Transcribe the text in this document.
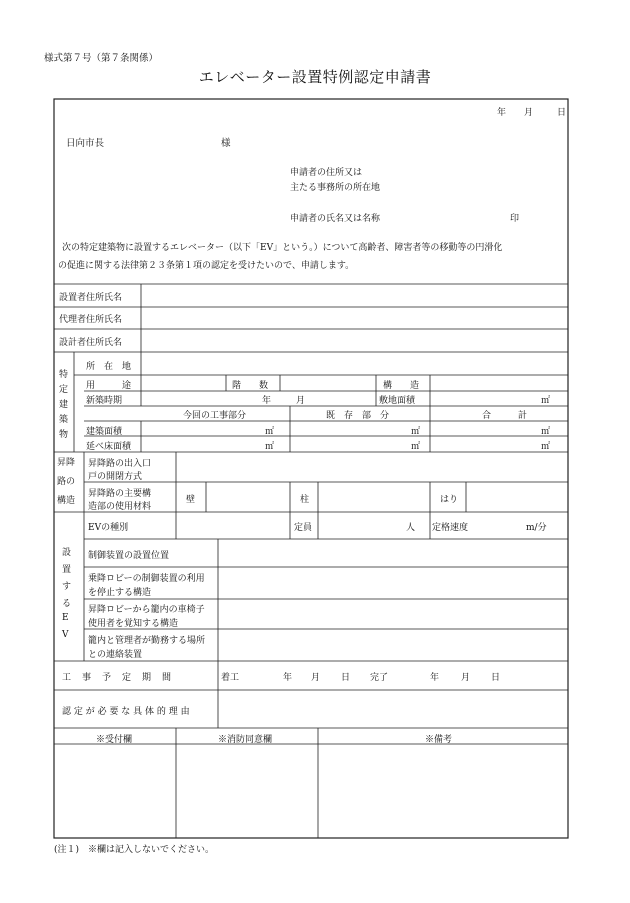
様式第７号（第７条関係）
エレベーター設置特例認定申請書
年 月	日
日向市長	様
申請者の住所又は
主たる事務所の所在地
申請者の氏名又は名称	印
次の特定建築物に設置するエレベーター（以下「EV」という。）について高齢者、障害者等の移動等の円滑化
の促進に関する法律第２３条第１項の認定を受けたいので、申請します。
設置者住所氏名
代理者住所氏名
設計者住所氏名
特
定
建
築
物
所　在　地
用　　　途	階　　数	構　　造
新築時期	年	月	敷地面積	㎡
今回の工事部分	既　存　部　分	合　　　計
建築面積	㎡	㎡	㎡
延べ床面積	㎡	㎡	㎡
昇降
路の
構造
昇降路の出入口
戸の開閉方式
昇降路の主要構
造部の使用材料
壁	柱	はり
設
置
す
る
E
V
EVの種別	定員	人 定格速度	m/分
制御装置の設置位置
乗降ロビーの制御装置の利用
を停止する構造
昇降ロビーから籠内の車椅子
使用者を覚知する構造
籠内と管理者が勤務する場所
との連絡装置
工　事　予　定　期　間	着工	年 月 日 完了	年 月 日
認 定 が 必 要 な 具 体 的 理 由
※受付欄	※消防同意欄	※備考
(注１)　※欄は記入しないでください。
